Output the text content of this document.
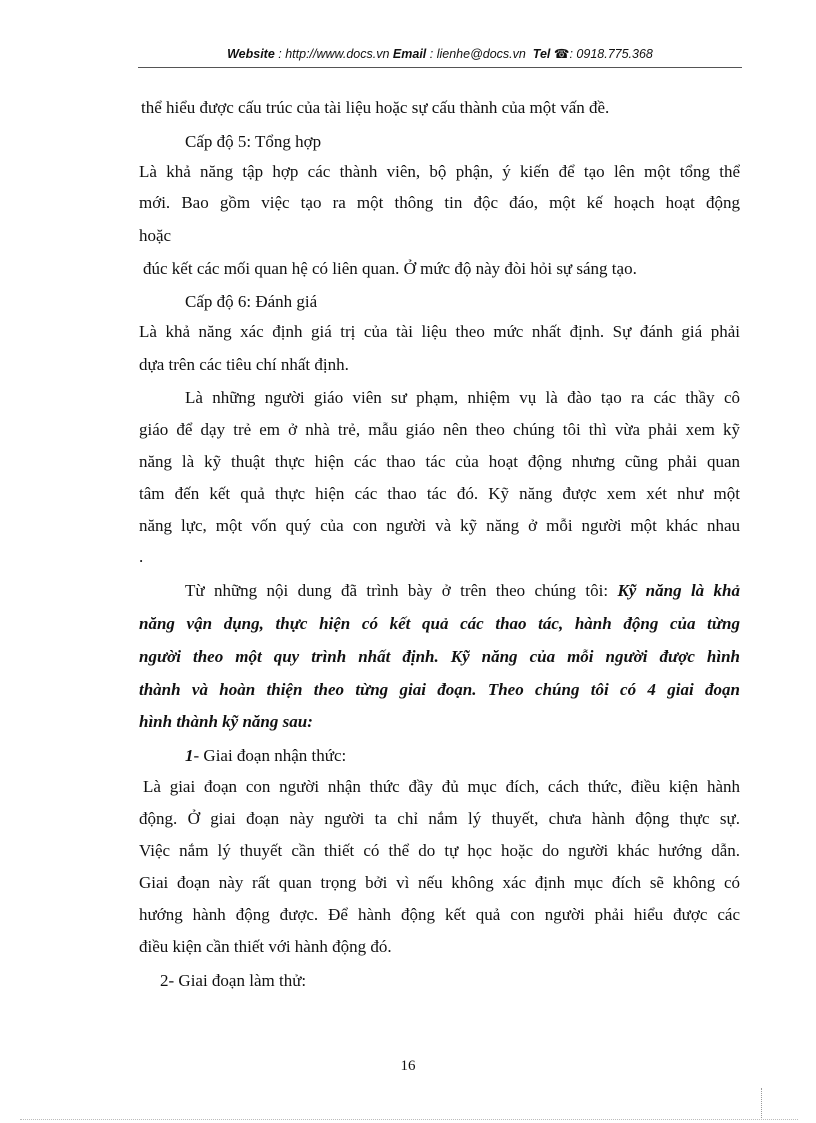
Website : http://www.docs.vn Email : lienhe@docs.vn Tel ☎: 0918.775.368
thể hiểu được cấu trúc của tài liệu hoặc sự cấu thành của một vấn đề.
Cấp độ 5: Tổng hợp
Là khả năng tập hợp các thành viên, bộ phận, ý kiến để tạo lên một tổng thể
mới. Bao gồm việc tạo ra một thông tin độc đáo, một kế hoạch hoạt động
hoặc
đúc kết các mối quan hệ có liên quan. Ở mức độ này đòi hỏi sự sáng tạo.
Cấp độ 6: Đánh giá
Là khả năng xác định giá trị của tài liệu theo mức nhất định. Sự đánh giá phải
dựa trên các tiêu chí nhất định.
Là những người giáo viên sư phạm, nhiệm vụ là đào tạo ra các thầy cô
giáo để dạy trẻ em ở nhà trẻ, mẫu giáo nên theo chúng tôi thì vừa phải xem kỹ
năng là kỹ thuật thực hiện các thao tác của hoạt động nhưng cũng phải quan
tâm đến kết quả thực hiện các thao tác đó. Kỹ năng được xem xét như một
năng lực, một vốn quý của con người và kỹ năng ở mỗi người một khác nhau
.
Từ những nội dung đã trình bày ở trên theo chúng tôi: Kỹ năng là khả
năng vận dụng, thực hiện có kết quả các thao tác, hành động của từng
người theo một quy trình nhất định. Kỹ năng của mỗi người được hình
thành và hoàn thiện theo từng giai đoạn. Theo chúng tôi có 4 giai đoạn
hình thành kỹ năng sau:
1- Giai đoạn nhận thức:
Là giai đoạn con người nhận thức đầy đủ mục đích, cách thức, điều kiện hành
động. Ở giai đoạn này người ta chỉ nắm lý thuyết, chưa hành động thực sự.
Việc nắm lý thuyết cần thiết có thể do tự học hoặc do người khác hướng dẫn.
Giai đoạn này rất quan trọng bởi vì nếu không xác định mục đích sẽ không có
hướng hành động được. Để hành động kết quả con người phải hiểu được các
điều kiện cần thiết với hành động đó.
2- Giai đoạn làm thử:
16
